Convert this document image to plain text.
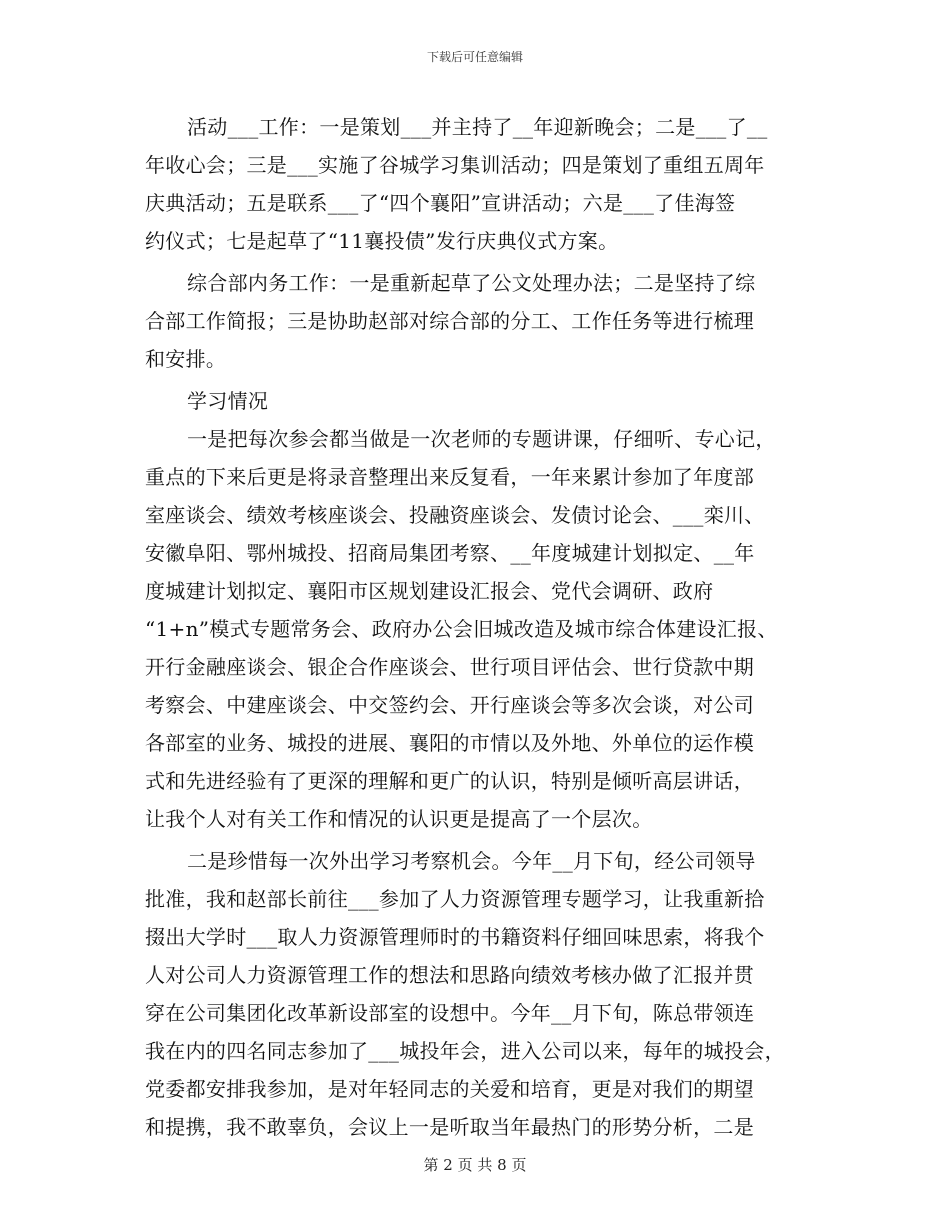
下载后可任意编辑
活动___工作：一是策划___并主持了__年迎新晚会；二是___了__
年收心会；三是___实施了谷城学习集训活动；四是策划了重组五周年
庆典活动；五是联系___了“四个襄阳”宣讲活动；六是___了佳海签
约仪式；七是起草了“11襄投债”发行庆典仪式方案。
综合部内务工作：一是重新起草了公文处理办法；二是坚持了综
合部工作简报；三是协助赵部对综合部的分工、工作任务等进行梳理
和安排。
学习情况
一是把每次参会都当做是一次老师的专题讲课，仔细听、专心记，
重点的下来后更是将录音整理出来反复看，一年来累计参加了年度部
室座谈会、绩效考核座谈会、投融资座谈会、发债讨论会、___栾川、
安徽阜阳、鄂州城投、招商局集团考察、__年度城建计划拟定、__年
度城建计划拟定、襄阳市区规划建设汇报会、党代会调研、政府
“1+n”模式专题常务会、政府办公会旧城改造及城市综合体建设汇报、
开行金融座谈会、银企合作座谈会、世行项目评估会、世行贷款中期
考察会、中建座谈会、中交签约会、开行座谈会等多次会谈，对公司
各部室的业务、城投的进展、襄阳的市情以及外地、外单位的运作模
式和先进经验有了更深的理解和更广的认识，特别是倾听高层讲话，
让我个人对有关工作和情况的认识更是提高了一个层次。
二是珍惜每一次外出学习考察机会。今年__月下旬，经公司领导
批准，我和赵部长前往___参加了人力资源管理专题学习，让我重新拾
掇出大学时___取人力资源管理师时的书籍资料仔细回味思索，将我个
人对公司人力资源管理工作的想法和思路向绩效考核办做了汇报并贯
穿在公司集团化改革新设部室的设想中。今年__月下旬，陈总带领连
我在内的四名同志参加了___城投年会，进入公司以来，每年的城投会，
党委都安排我参加，是对年轻同志的关爱和培育，更是对我们的期望
和提携，我不敢辜负，会议上一是听取当年最热门的形势分析，二是
第 2 页 共 8 页
